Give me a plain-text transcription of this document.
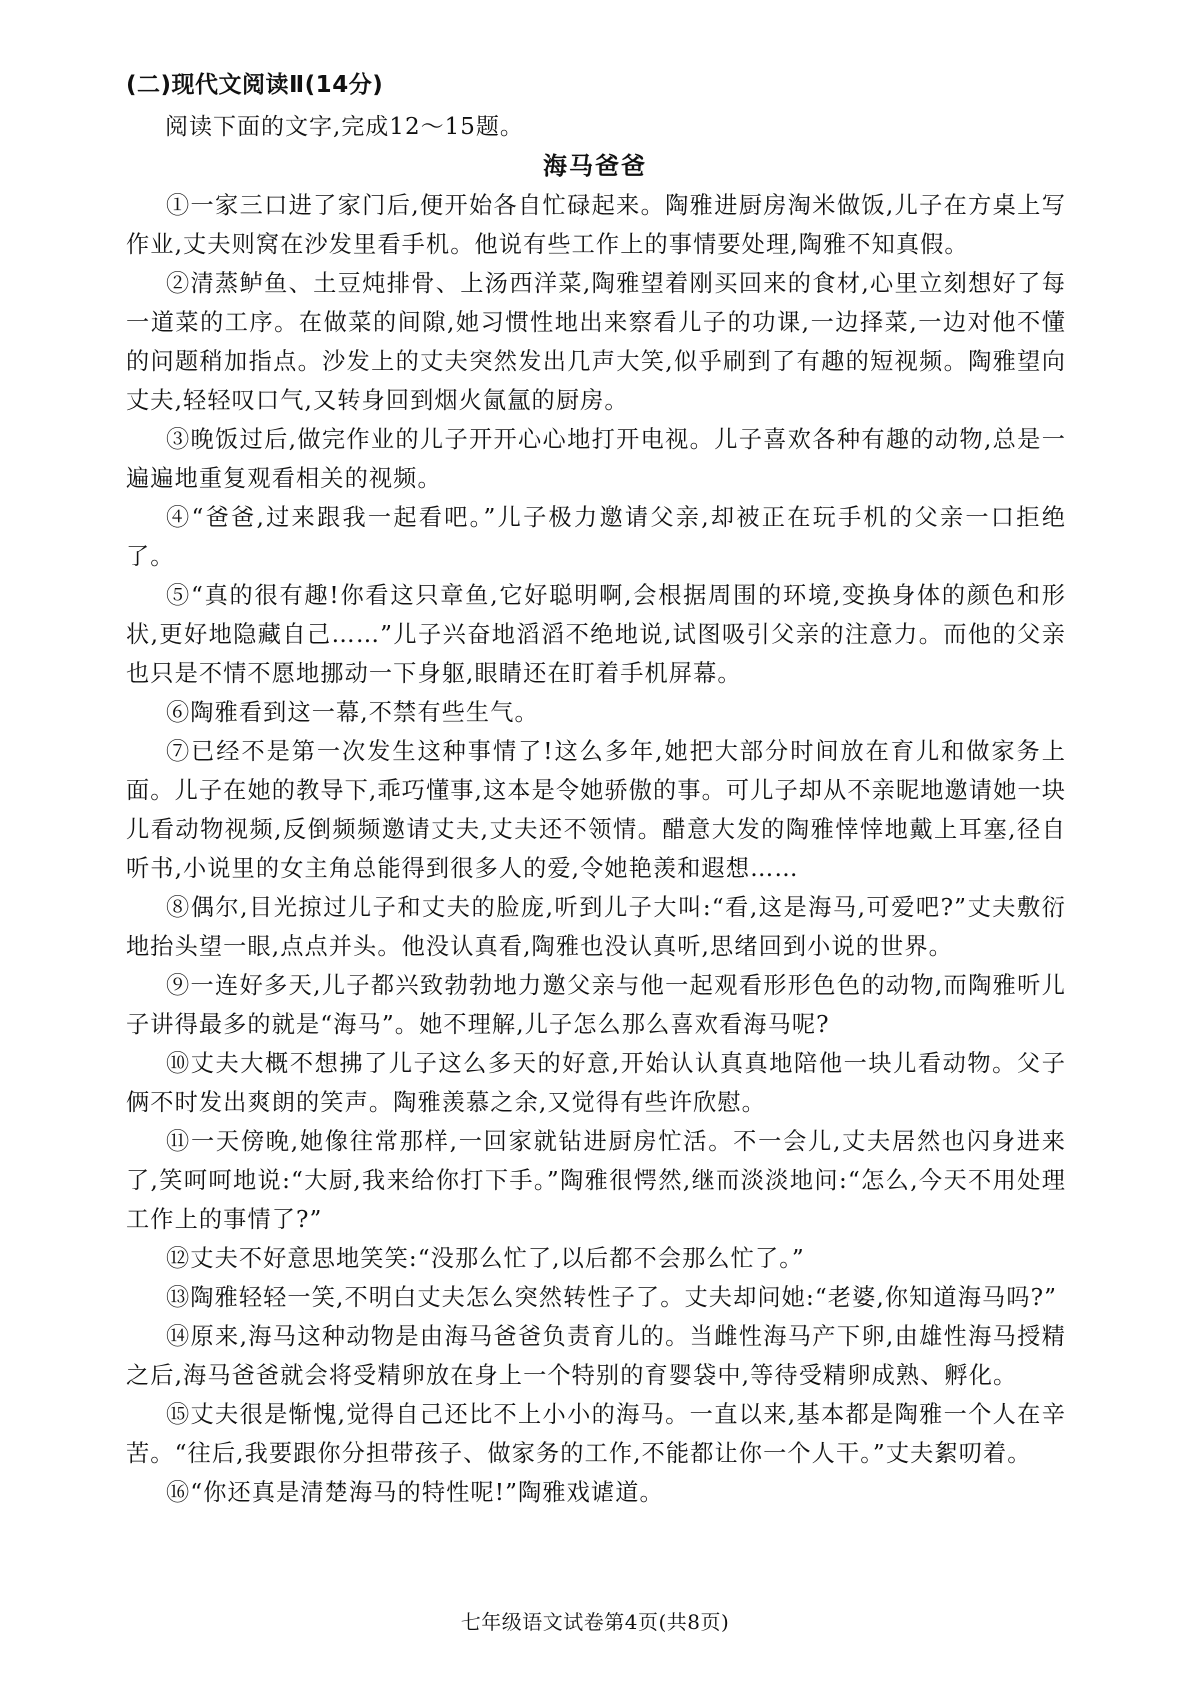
(二)现代文阅读Ⅱ(14分)
阅读下面的文字,完成12～15题。
海马爸爸

①一家三口进了家门后,便开始各自忙碌起来。陶雅进厨房淘米做饭,儿子在方桌上写作业,丈夫则窝在沙发里看手机。他说有些工作上的事情要处理,陶雅不知真假。

②清蒸鲈鱼、土豆炖排骨、上汤西洋菜,陶雅望着刚买回来的食材,心里立刻想好了每一道菜的工序。在做菜的间隙,她习惯性地出来察看儿子的功课,一边择菜,一边对他不懂的问题稍加指点。沙发上的丈夫突然发出几声大笑,似乎刷到了有趣的短视频。陶雅望向丈夫,轻轻叹口气,又转身回到烟火氤氲的厨房。

③晚饭过后,做完作业的儿子开开心心地打开电视。儿子喜欢各种有趣的动物,总是一遍遍地重复观看相关的视频。

④“爸爸,过来跟我一起看吧。”儿子极力邀请父亲,却被正在玩手机的父亲一口拒绝了。

⑤“真的很有趣!你看这只章鱼,它好聪明啊,会根据周围的环境,变换身体的颜色和形状,更好地隐藏自己……”儿子兴奋地滔滔不绝地说,试图吸引父亲的注意力。而他的父亲也只是不情不愿地挪动一下身躯,眼睛还在盯着手机屏幕。

⑥陶雅看到这一幕,不禁有些生气。

⑦已经不是第一次发生这种事情了!这么多年,她把大部分时间放在育儿和做家务上面。儿子在她的教导下,乖巧懂事,这本是令她骄傲的事。可儿子却从不亲昵地邀请她一块儿看动物视频,反倒频频邀请丈夫,丈夫还不领情。醋意大发的陶雅悻悻地戴上耳塞,径自听书,小说里的女主角总能得到很多人的爱,令她艳羡和遐想……

⑧偶尔,目光掠过儿子和丈夫的脸庞,听到儿子大叫:“看,这是海马,可爱吧?”丈夫敷衍地抬头望一眼,点点并头。他没认真看,陶雅也没认真听,思绪回到小说的世界。

⑨一连好多天,儿子都兴致勃勃地力邀父亲与他一起观看形形色色的动物,而陶雅听儿子讲得最多的就是“海马”。她不理解,儿子怎么那么喜欢看海马呢?

⑩丈夫大概不想拂了儿子这么多天的好意,开始认认真真地陪他一块儿看动物。父子俩不时发出爽朗的笑声。陶雅羡慕之余,又觉得有些许欣慰。

⑪一天傍晚,她像往常那样,一回家就钻进厨房忙活。不一会儿,丈夫居然也闪身进来了,笑呵呵地说:“大厨,我来给你打下手。”陶雅很愕然,继而淡淡地问:“怎么,今天不用处理工作上的事情了?”

⑫丈夫不好意思地笑笑:“没那么忙了,以后都不会那么忙了。”

⑬陶雅轻轻一笑,不明白丈夫怎么突然转性子了。丈夫却问她:“老婆,你知道海马吗?”

⑭原来,海马这种动物是由海马爸爸负责育儿的。当雌性海马产下卵,由雄性海马授精之后,海马爸爸就会将受精卵放在身上一个特别的育婴袋中,等待受精卵成熟、孵化。

⑮丈夫很是惭愧,觉得自己还比不上小小的海马。一直以来,基本都是陶雅一个人在辛苦。“往后,我要跟你分担带孩子、做家务的工作,不能都让你一个人干。”丈夫絮叨着。

⑯“你还真是清楚海马的特性呢!”陶雅戏谑道。

七年级语文试卷第4页(共8页)
